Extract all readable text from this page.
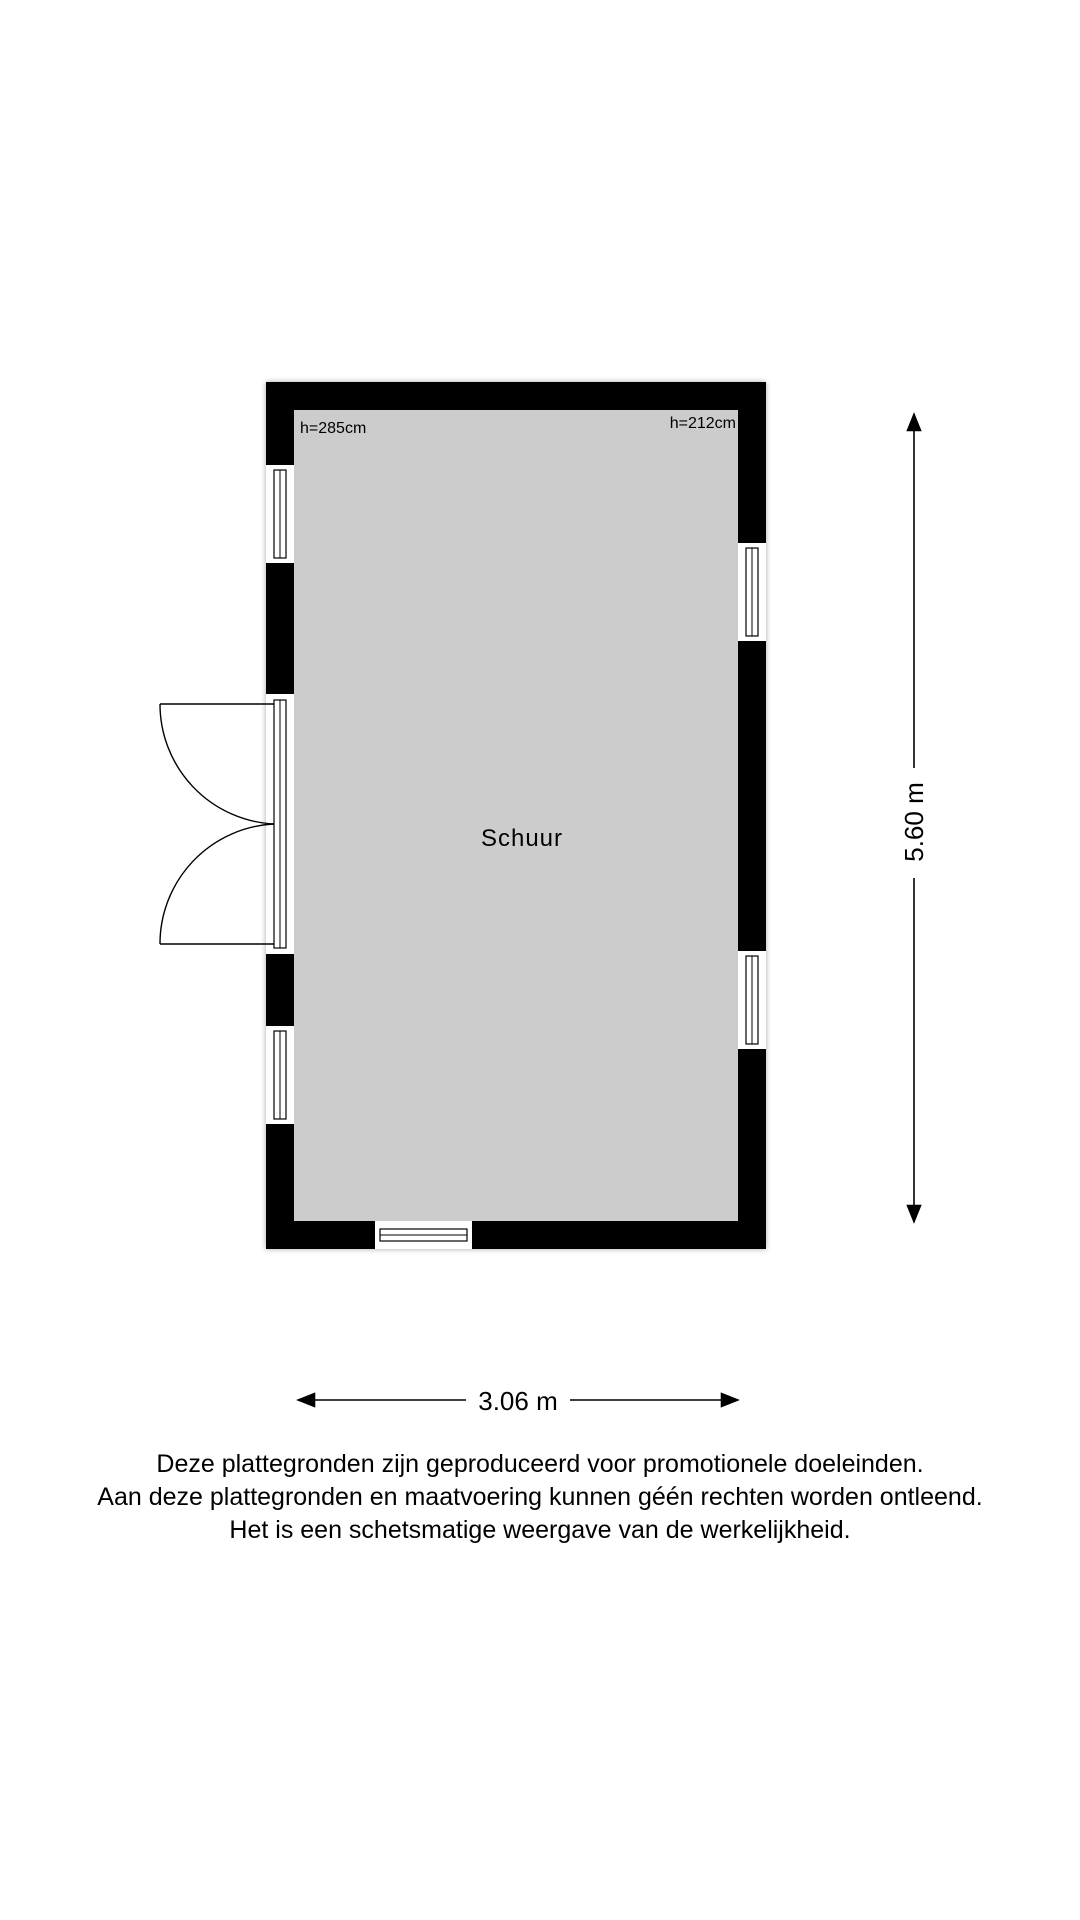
h=285cm	h=212cm
Schuur	5.60 m
3.06 m
Deze plattegronden zijn geproduceerd voor promotionele doeleinden.
Aan deze plattegronden en maatvoering kunnen géén rechten worden ontleend.
Het is een schetsmatige weergave van de werkelijkheid.
